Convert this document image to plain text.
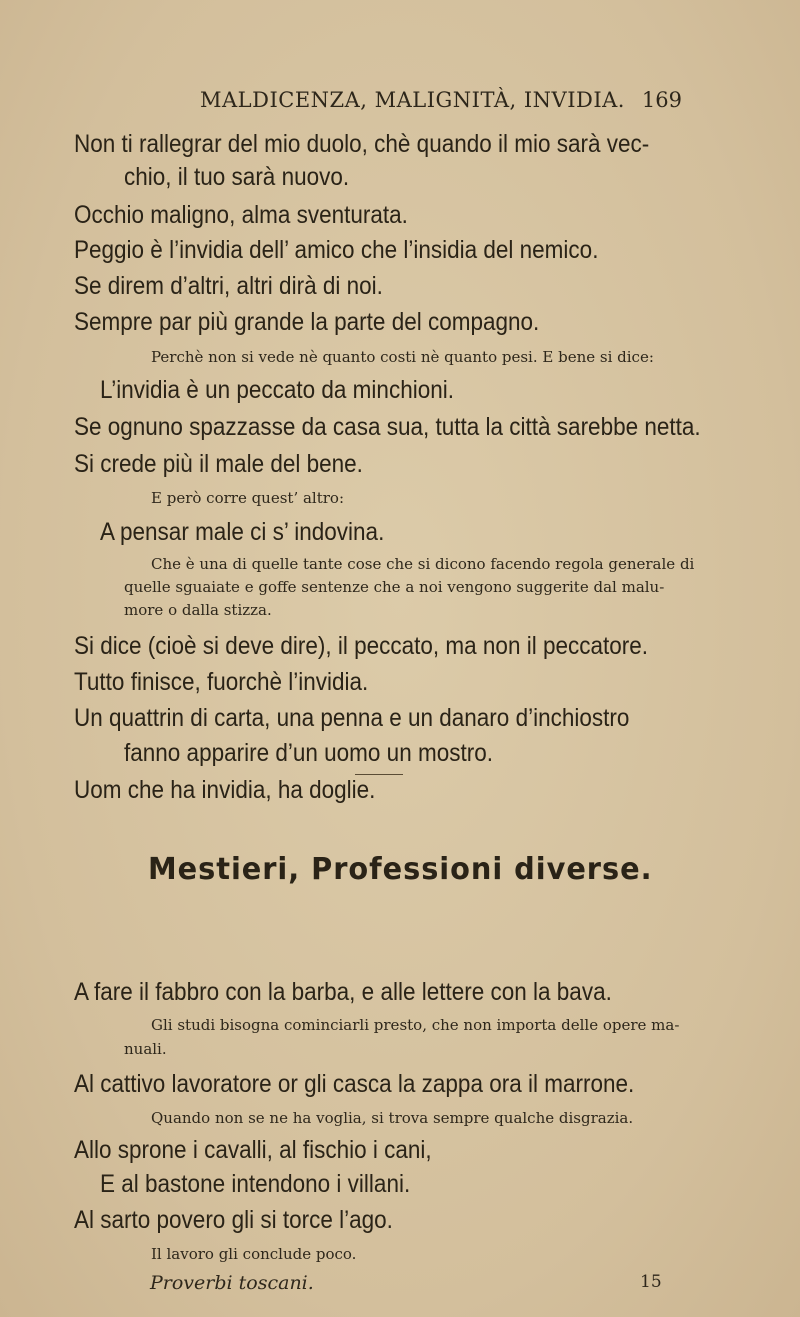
MALDICENZA, MALIGNITÀ, INVIDIA. 169
Non ti rallegrar del mio duolo, chè quando il mio sarà vec-
chio, il tuo sarà nuovo.
Occhio maligno, alma sventurata.
Peggio è l’invidia dell’ amico che l’insidia del nemico.
Se direm d’altri, altri dirà di noi.
Sempre par più grande la parte del compagno.
Perchè non si vede nè quanto costi nè quanto pesi. E bene si dice:
L’invidia è un peccato da minchioni.
Se ognuno spazzasse da casa sua, tutta la città sarebbe netta.
Si crede più il male del bene.
E però corre quest’ altro:
A pensar male ci s’ indovina.
Che è una di quelle tante cose che si dicono facendo regola generale di
quelle sguaiate e goffe sentenze che a noi vengono suggerite dal malu-
more o dalla stizza.
Si dice (cioè si deve dire), il peccato, ma non il peccatore.
Tutto finisce, fuorchè l’invidia.
Un quattrin di carta, una penna e un danaro d’inchiostro
fanno apparire d’un uomo un mostro.
Uom che ha invidia, ha doglie.
Mestieri, Professioni diverse.
A fare il fabbro con la barba, e alle lettere con la bava.
Gli studi bisogna cominciarli presto, che non importa delle opere ma-
nuali.
Al cattivo lavoratore or gli casca la zappa ora il marrone.
Quando non se ne ha voglia, si trova sempre qualche disgrazia.
Allo sprone i cavalli, al fischio i cani,
E al bastone intendono i villani.
Al sarto povero gli si torce l’ago.
Il lavoro gli conclude poco.
Proverbi toscani.	15
